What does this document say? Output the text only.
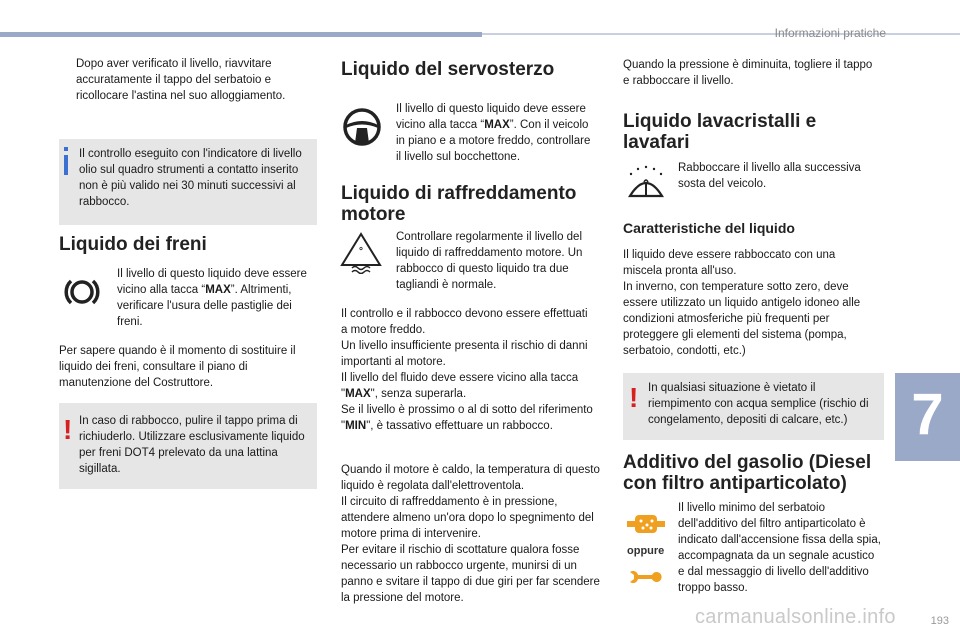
Informazioni pratiche
7
193
carmanualsonline.info
Dopo aver verificato il livello, riavvitare accuratamente il tappo del serbatoio e ricollocare l'astina nel suo alloggiamento.
Il controllo eseguito con l'indicatore di livello olio sul quadro strumenti a contatto inserito non è più valido nei 30 minuti successivi al rabbocco.
Liquido dei freni
Il livello di questo liquido deve essere vicino alla tacca “MAX”. Altrimenti, verificare l'usura delle pastiglie dei freni.
Per sapere quando è il momento di sostituire il liquido dei freni, consultare il piano di manutenzione del Costruttore.
! In caso di rabbocco, pulire il tappo prima di richiuderlo. Utilizzare esclusivamente liquido per freni DOT4 prelevato da una lattina sigillata.
Liquido del servosterzo
Il livello di questo liquido deve essere vicino alla tacca “MAX”. Con il veicolo in piano e a motore freddo, controllare il livello sul bocchettone.
Liquido di raffreddamento motore
°
Controllare regolarmente il livello del liquido di raffreddamento motore. Un rabbocco di questo liquido tra due tagliandi è normale.
Il controllo e il rabbocco devono essere effettuati a motore freddo.
Un livello insufficiente presenta il rischio di danni importanti al motore.
Il livello del fluido deve essere vicino alla tacca "MAX", senza superarla.
Se il livello è prossimo o al di sotto del riferimento "MIN", è tassativo effettuare un rabbocco.
Quando il motore è caldo, la temperatura di questo liquido è regolata dall'elettroventola.
Il circuito di raffreddamento è in pressione, attendere almeno un'ora dopo lo spegnimento del motore prima di intervenire.
Per evitare il rischio di scottature qualora fosse necessario un rabbocco urgente, munirsi di un panno e svitare il tappo di due giri per far scendere la pressione del motore.
Quando la pressione è diminuita, togliere il tappo e rabboccare il livello.
Liquido lavacristalli e lavafari
Rabboccare il livello alla successiva sosta del veicolo.
Caratteristiche del liquido
Il liquido deve essere rabboccato con una miscela pronta all'uso.
In inverno, con temperature sotto zero, deve essere utilizzato un liquido antigelo idoneo alle condizioni atmosferiche più frequenti per proteggere gli elementi del sistema (pompa, serbatoio, condotti, etc.)
! In qualsiasi situazione è vietato il riempimento con acqua semplice (rischio di congelamento, depositi di calcare, etc.)
Additivo del gasolio (Diesel con filtro antiparticolato)
oppure
Il livello minimo del serbatoio dell'additivo del filtro antiparticolato è indicato dall'accensione fissa della spia, accompagnata da un segnale acustico e dal messaggio di livello dell'additivo troppo basso.
